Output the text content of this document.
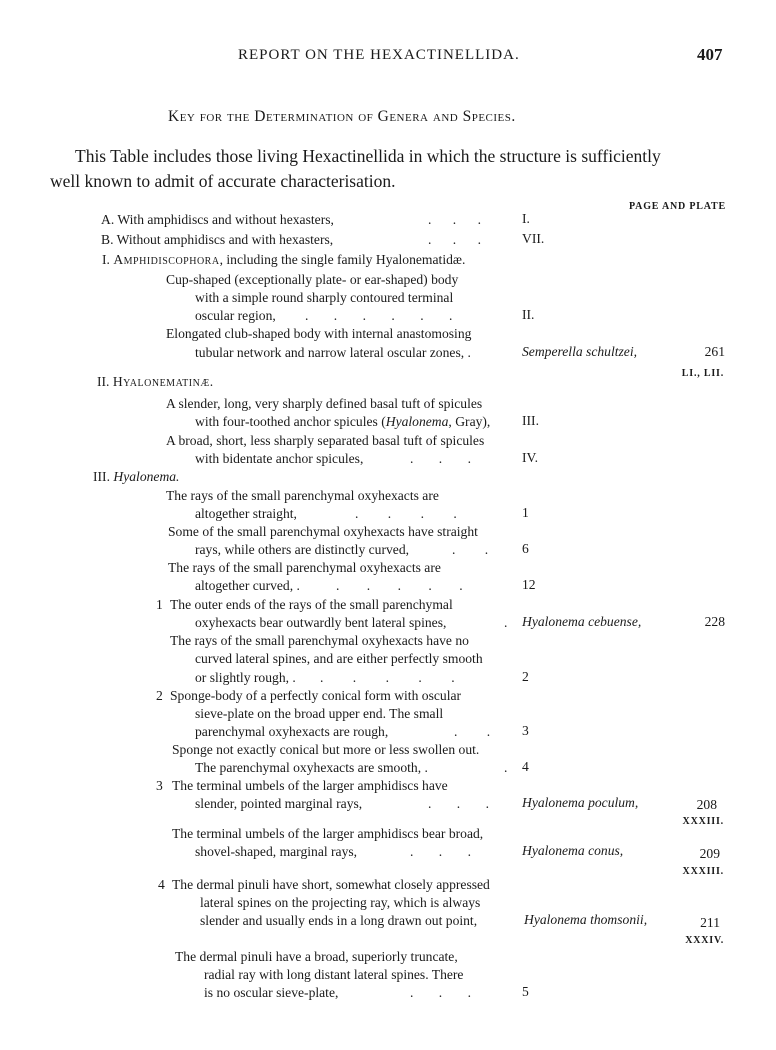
REPORT ON THE HEXACTINELLIDA.	407
Key for the Determination of Genera and Species.
This Table includes those living Hexactinellida in which the structure is sufficiently
well known to admit of accurate characterisation.
PAGE AND PLATE
A. With amphidiscs and without hexasters,	. . .	I.
B. Without amphidiscs and with hexasters,	. . .	VII.
I. Amphidiscophora, including the single family Hyalonematidæ.
Cup-shaped (exceptionally plate- or ear-shaped) body
with a simple round sharply contoured terminal
oscular region, . . . . . .	II.
Elongated club-shaped body with internal anastomosing
tubular network and narrow lateral oscular zones, .	Semperella schultzei,	261
LI., LII.
II. Hyalonematinæ.
A slender, long, very sharply defined basal tuft of spicules
with four-toothed anchor spicules (Hyalonema, Gray), III.
A broad, short, less sharply separated basal tuft of spicules
with bidentate anchor spicules,	. . .	IV.
III. Hyalonema.
The rays of the small parenchymal oxyhexacts are
altogether straight,	. . . .	1
Some of the small parenchymal oxyhexacts have straight
rays, while others are distinctly curved,	. . 6
The rays of the small parenchymal oxyhexacts are
altogether curved, .	. . . . .	12
1 The outer ends of the rays of the small parenchymal
oxyhexacts bear outwardly bent lateral spines,	. Hyalonema cebuense,	228
The rays of the small parenchymal oxyhexacts have no
curved lateral spines, and are either perfectly smooth
or slightly rough, . . . . . .	2
2 Sponge-body of a perfectly conical form with oscular
sieve-plate on the broad upper end. The small
parenchymal oxyhexacts are rough,	. . 3
Sponge not exactly conical but more or less swollen out.
The parenchymal oxyhexacts are smooth, .	. 4
3 The terminal umbels of the larger amphidiscs have
slender, pointed marginal rays,	. . . Hyalonema poculum,	208
XXXIII.
The terminal umbels of the larger amphidiscs bear broad,
shovel-shaped, marginal rays,	. . .	Hyalonema conus,	209
XXXIII.
4 The dermal pinuli have short, somewhat closely appressed
lateral spines on the projecting ray, which is always
slender and usually ends in a long drawn out point,	Hyalonema thomsonii,	211
XXXIV.
The dermal pinuli have a broad, superiorly truncate,
radial ray with long distant lateral spines. There
is no oscular sieve-plate,	. . .	5
